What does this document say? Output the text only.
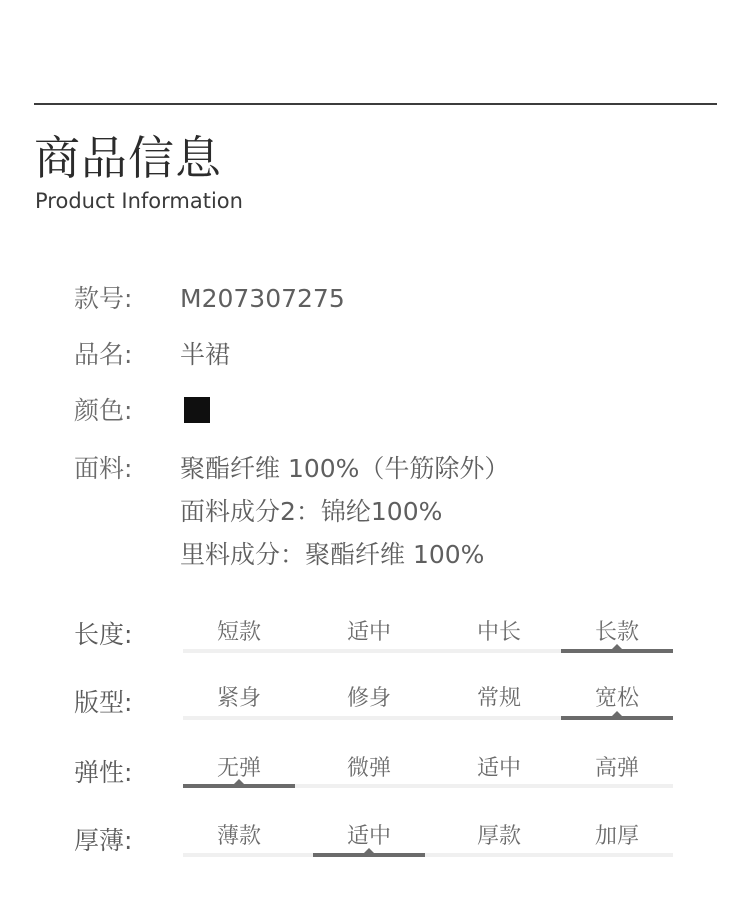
商品信息
Product Information
款号:	M207307275
品名:	半裙
颜色:
面料:	聚酯纤维 100%（牛筋除外）
面料成分2：锦纶100%
里料成分：聚酯纤维 100%
长度:	短款	适中	中长	长款
版型:	紧身	修身	常规	宽松
弹性:	无弹	微弹	适中	高弹
厚薄:	薄款	适中	厚款	加厚
